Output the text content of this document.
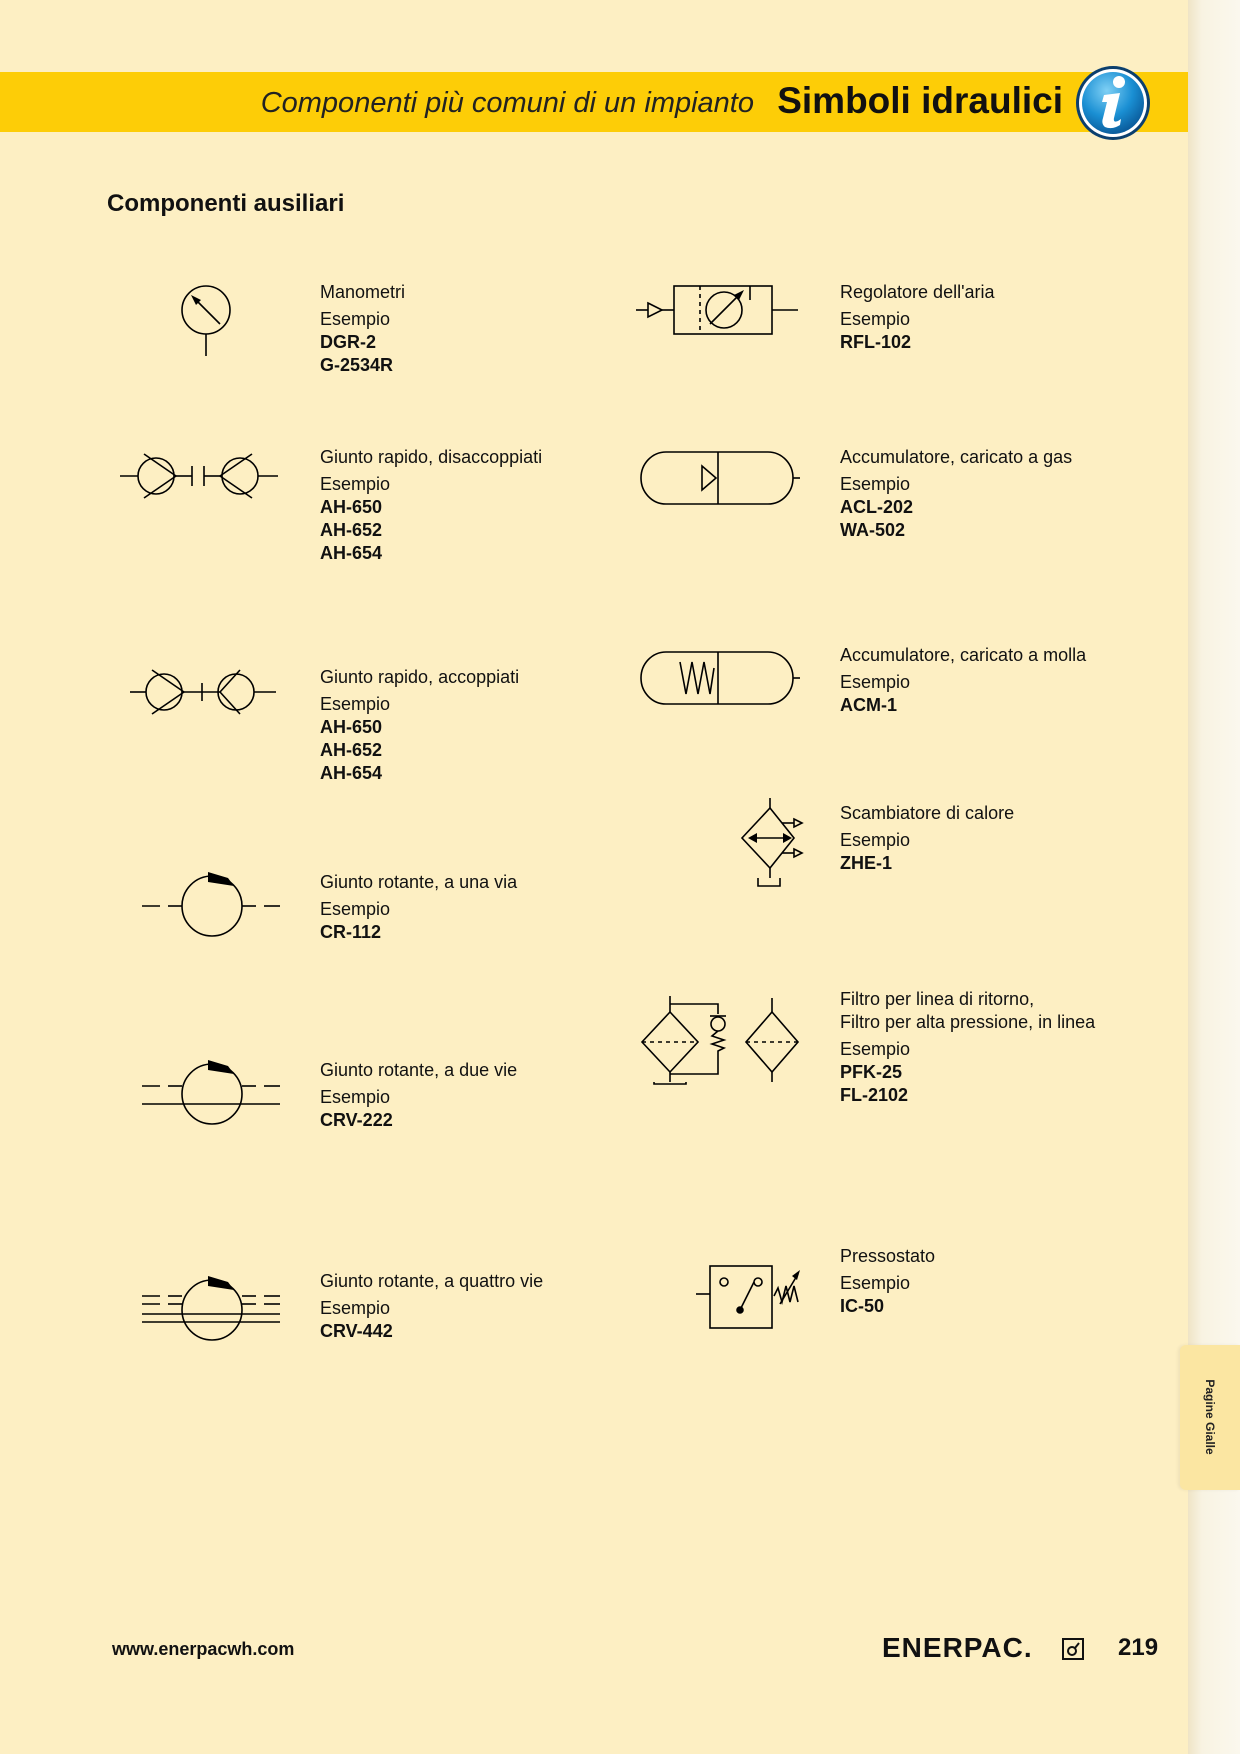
Pagine Gialle
Componenti più comuni di un impianto Simboli idraulici
Componenti ausiliari
Manometri
Esempio
DGR-2
G-2534R
Giunto rapido, disaccoppiati
Esempio
AH-650
AH-652
AH-654
Giunto rapido, accoppiati
Esempio
AH-650
AH-652
AH-654
Giunto rotante, a una via
Esempio
CR-112
Giunto rotante, a due vie
Esempio
CRV-222
Giunto rotante, a quattro vie
Esempio
CRV-442
Regolatore dell'aria
Esempio
RFL-102
Accumulatore, caricato a gas
Esempio
ACL-202
WA-502
Accumulatore, caricato a molla
Esempio
ACM-1
Scambiatore di calore
Esempio
ZHE-1
Filtro per linea di ritorno,
Filtro per alta pressione, in linea
Esempio
PFK-25
FL-2102
Pressostato
Esempio
IC-50
www.enerpacwh.com	ENERPAC.	219
